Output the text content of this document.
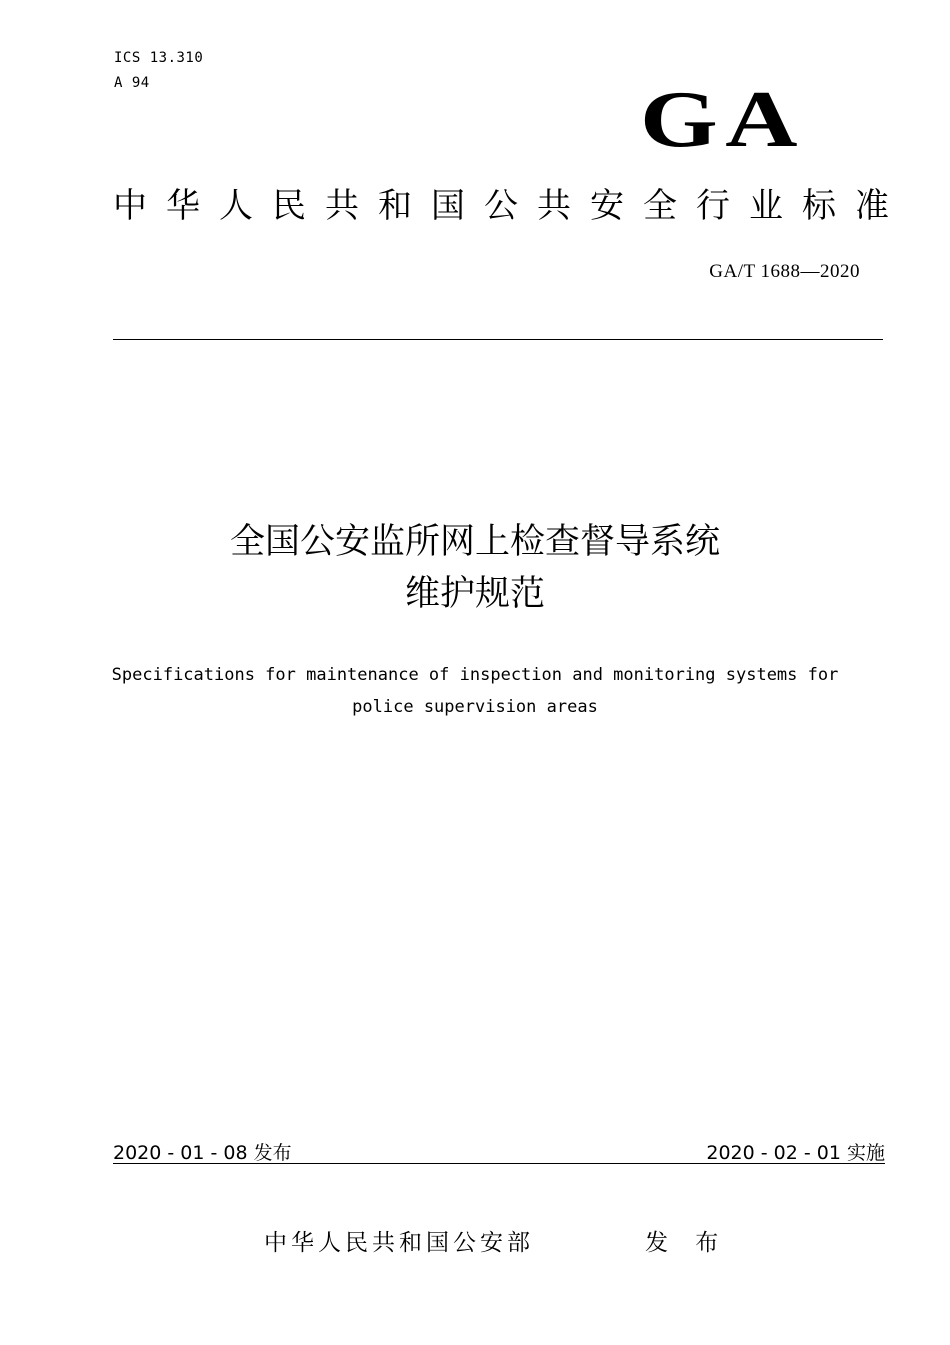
ICS 13.310
A 94	GA
中华人民共和国公共安全行业标准
GA/T 1688—2020
全国公安监所网上检查督导系统
维护规范
Specifications for maintenance of inspection and monitoring systems for
police supervision areas
2020 - 01 - 08 发布	2020 - 02 - 01 实施
中华人民共和国公安部	发 布
